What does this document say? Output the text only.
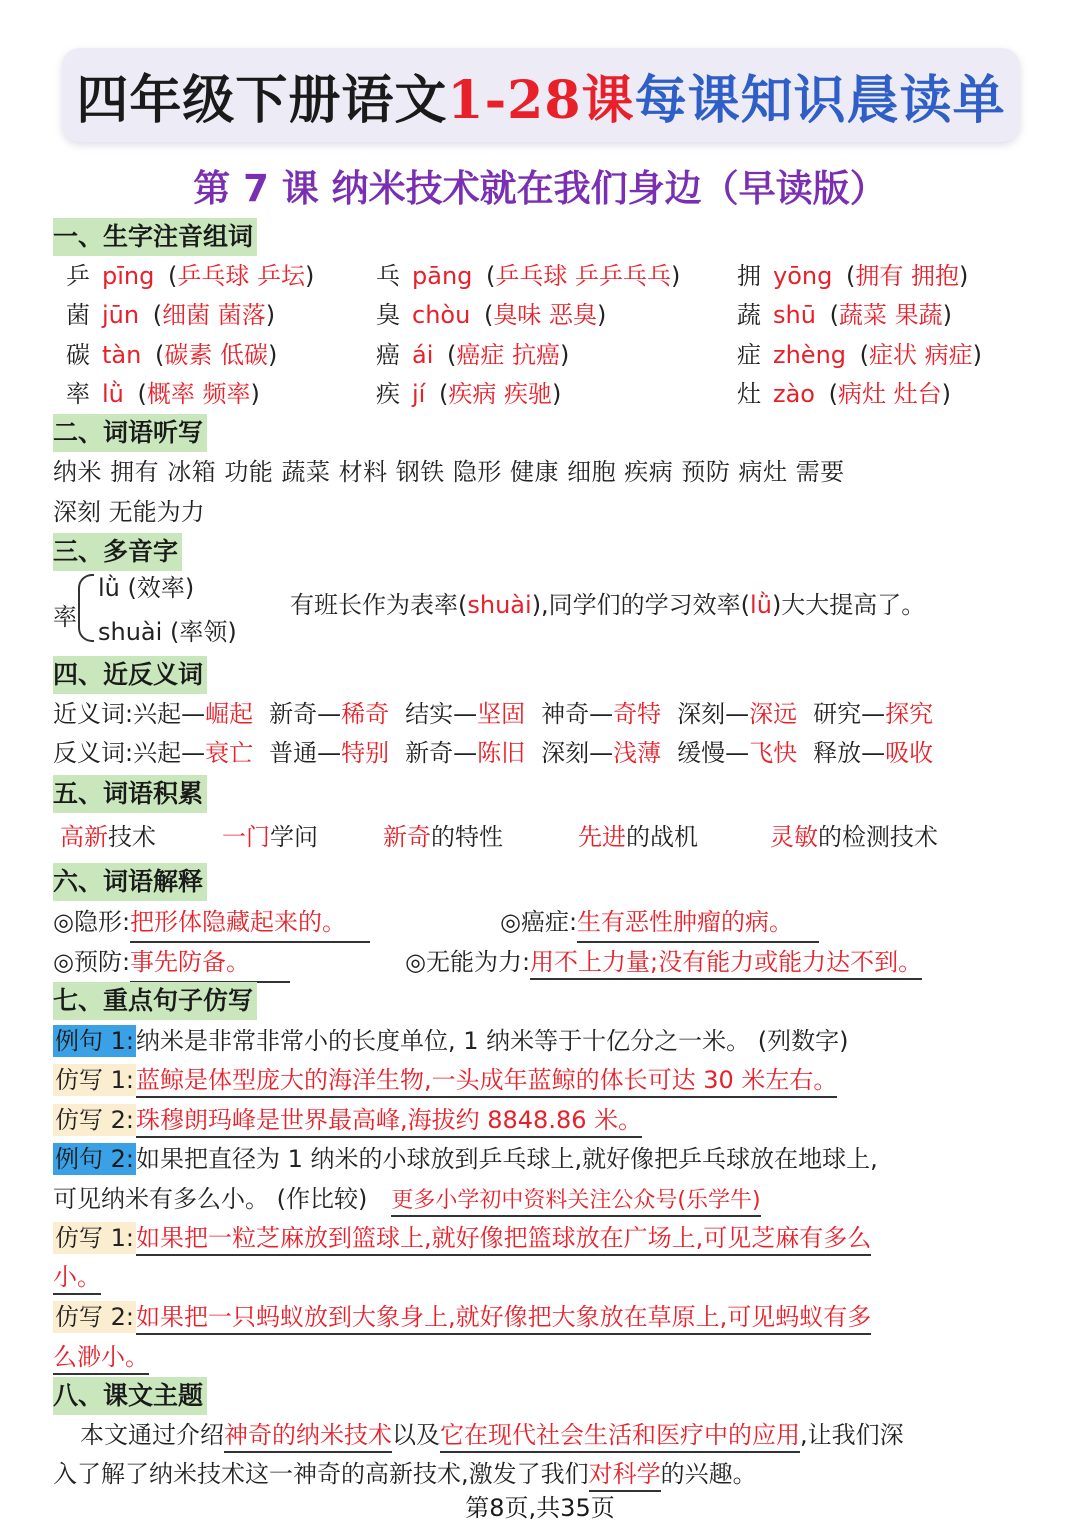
四年级下册语文 1-28课 每课知识晨读单
第 7 课 纳米技术就在我们身边（早读版）
一、生字注音组词
乒 pīng (乒乓球 乒坛)	乓 pāng (乒乓球 乒乒乓乓) 拥 yōng (拥有 拥抱)
菌 jūn (细菌 菌落)	臭 chòu (臭味 恶臭)	蔬 shū (蔬菜 果蔬)
碳 tàn (碳素 低碳)	癌 ái (癌症 抗癌)	症 zhèng (症状 病症)
率 lǜ (概率 频率)	疾 jí (疾病 疾驰)	灶 zào (病灶 灶台)
二、词语听写
纳米 拥有 冰箱 功能 蔬菜 材料 钢铁 隐形 健康 细胞 疾病 预防 病灶 需要
深刻 无能为力
三、多音字
率
lǜ (效率)
shuài (率领)
有班长作为表率(shuài),同学们的学习效率(lǜ)大大提高了。
四、近反义词
近义词:兴起—崛起 新奇—稀奇 结实—坚固 神奇—奇特 深刻—深远 研究—探究
反义词:兴起—衰亡 普通—特别 新奇—陈旧 深刻—浅薄 缓慢—飞快 释放—吸收
五、词语积累
高新技术	一门学问	新奇的特性	先进的战机	灵敏的检测技术
六、词语解释
◎隐形:把形体隐藏起来的。	◎癌症:生有恶性肿瘤的病。
◎预防:事先防备。	◎无能为力:用不上力量;没有能力或能力达不到。
七、重点句子仿写
例句 1:纳米是非常非常小的长度单位, 1 纳米等于十亿分之一米。 (列数字)
仿写 1:蓝鲸是体型庞大的海洋生物,一头成年蓝鲸的体长可达 30 米左右。
仿写 2:珠穆朗玛峰是世界最高峰,海拔约 8848.86 米。
例句 2:如果把直径为 1 纳米的小球放到乒乓球上,就好像把乒乓球放在地球上,
可见纳米有多么小。 (作比较) 更多小学初中资料关注公众号(乐学牛)
仿写 1:如果把一粒芝麻放到篮球上,就好像把篮球放在广场上,可见芝麻有多么
小。
仿写 2:如果把一只蚂蚁放到大象身上,就好像把大象放在草原上,可见蚂蚁有多
么渺小。
八、课文主题
本文通过介绍神奇的纳米技术以及它在现代社会生活和医疗中的应用,让我们深
入了解了纳米技术这一神奇的高新技术,激发了我们对科学的兴趣。
第8页,共35页
